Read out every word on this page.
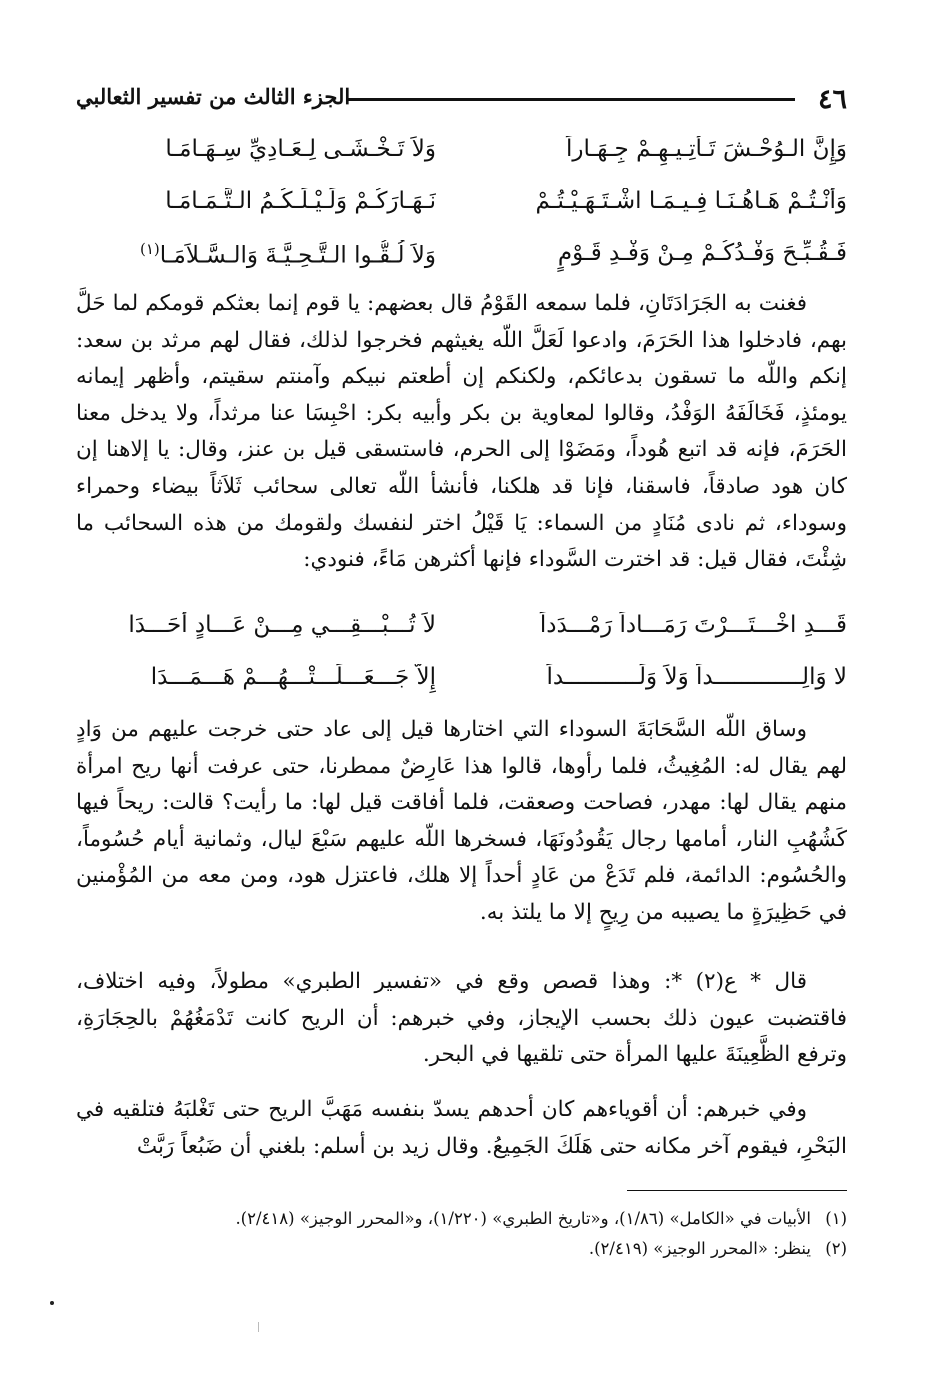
٤٦
الجزء الثالث من تفسير الثعالبي
وَإِنَّ الـوُحْـشَ تَـأْتِـيـهِـمْ جِـهَـاراً
وَلاَ تَـخْـشَـى لِـعَـادِيِّ سِـهَـامَـا
وَأَنْـتُـمْ هَـاهُـنَـا فِـيـمَـا اشْـتَـهَـيْـتُـمْ
نَـهَـارَكُـمْ وَلَـيْـلَـكُـمُ الـتَّـمَـامَـا
فَـقُـبِّـحَ وَفْـدُكُـمْ مِـنْ وَفْـدِ قَـوْمٍ
وَلاَ لُـقُّـوا الـتَّـحِـيَّـةَ وَالـسَّـلاَمَـا$^{(١)}$

فغنت به الجَرَادَتَانِ، فلما سمعه القَوْمُ قال بعضهم: يا قوم إنما بعثكم قومكم لما حَلَّ بهم، فادخلوا هذا الحَرَمَ، وادعوا لَعَلَّ اللّه يغيثهم فخرجوا لذلك، فقال لهم مرثد بن سعد: إنكم واللّه ما تسقون بدعائكم، ولكنكم إن أطعتم نبيكم وآمنتم سقيتم، وأظهر إيمانه يومئذٍ، فَخَالَفَهُ الوَفْدُ، وقالوا لمعاوية بن بكر وأبيه بكر: احْبِسَا عنا مرثداً، ولا يدخل معنا الحَرَمَ، فإنه قد اتبع هُوداً، ومَضَوْا إلى الحرم، فاستسقى قيل بن عنز، وقال: يا إلاهنا إن كان هود صادقاً، فاسقنا، فإنا قد هلكنا، فأنشأ اللّه تعالى سحائب ثَلاَثاً بيضاء وحمراء وسوداء، ثم نادى مُنَادٍ من السماء: يَا قَيْلُ اختر لنفسك ولقومك من هذه السحائب ما شِئْتَ، فقال قيل: قد اخترت السَّوداء فإنها أكثرهن مَاءً، فنودي:

قَـــدِ اخْـــتَـــرْتَ رَمَـــاداً رَمْـــدَداً
لاَ تُـــبْـــقِـــي مِـــنْ عَـــادٍ أَحَـــدَا
لا وَالِـــــــــــــداً وَلاَ وَلَـــــــــــداً
إِلاَّ جَـــعَـــلَـــتْـــهُـــمْ هَـــمَـــدَا

وساق اللّه السَّحَابَةَ السوداء التي اختارها قيل إلى عاد حتى خرجت عليهم من وَادٍ لهم يقال له: المُغِيثُ، فلما رأوها، قالوا هذا عَارِضٌ ممطرنا، حتى عرفت أنها ريح امرأة منهم يقال لها: مهدر، فصاحت وصعقت، فلما أفاقت قيل لها: ما رأيت؟ قالت: ريحاً فيها كَشُهُبِ النار، أمامها رجال يَقُودُونَهَا، فسخرها اللّه عليهم سَبْعَ ليال، وثمانية أيام حُسُوماً، والحُسُوم: الدائمة، فلم تَدَعْ من عَادٍ أحداً إلا هلك، فاعتزل هود، ومن معه من المُؤْمنين في حَظِيرَةٍ ما يصيبه من رِيحٍ إلا ما يلتذ به.

قال * ع(٢) *: وهذا قصص وقع في «تفسير الطبري» مطولاً، وفيه اختلاف، فاقتضبت عيون ذلك بحسب الإيجاز، وفي خبرهم: أن الريح كانت تَدْمَغُهُمْ بالحِجَارَةِ، وترفع الظَّعِينَةَ عليها المرأة حتى تلقيها في البحر.

وفي خبرهم: أن أقوياءهم كان أحدهم يسدّ بنفسه مَهَبَّ الريح حتى تَغْلبَهُ فتلقيه في البَحْرِ، فيقوم آخر مكانه حتى هَلَكَ الجَمِيعُ. وقال زيد بن أسلم: بلغني أن ضَبُعاً رَبَّتْ

(١)الأبيات في «الكامل» (١/٨٦)، و«تاريخ الطبري» (١/٢٢٠)، و«المحرر الوجيز» (٢/٤١٨).
(٢)ينظر: «المحرر الوجيز» (٢/٤١٩).
